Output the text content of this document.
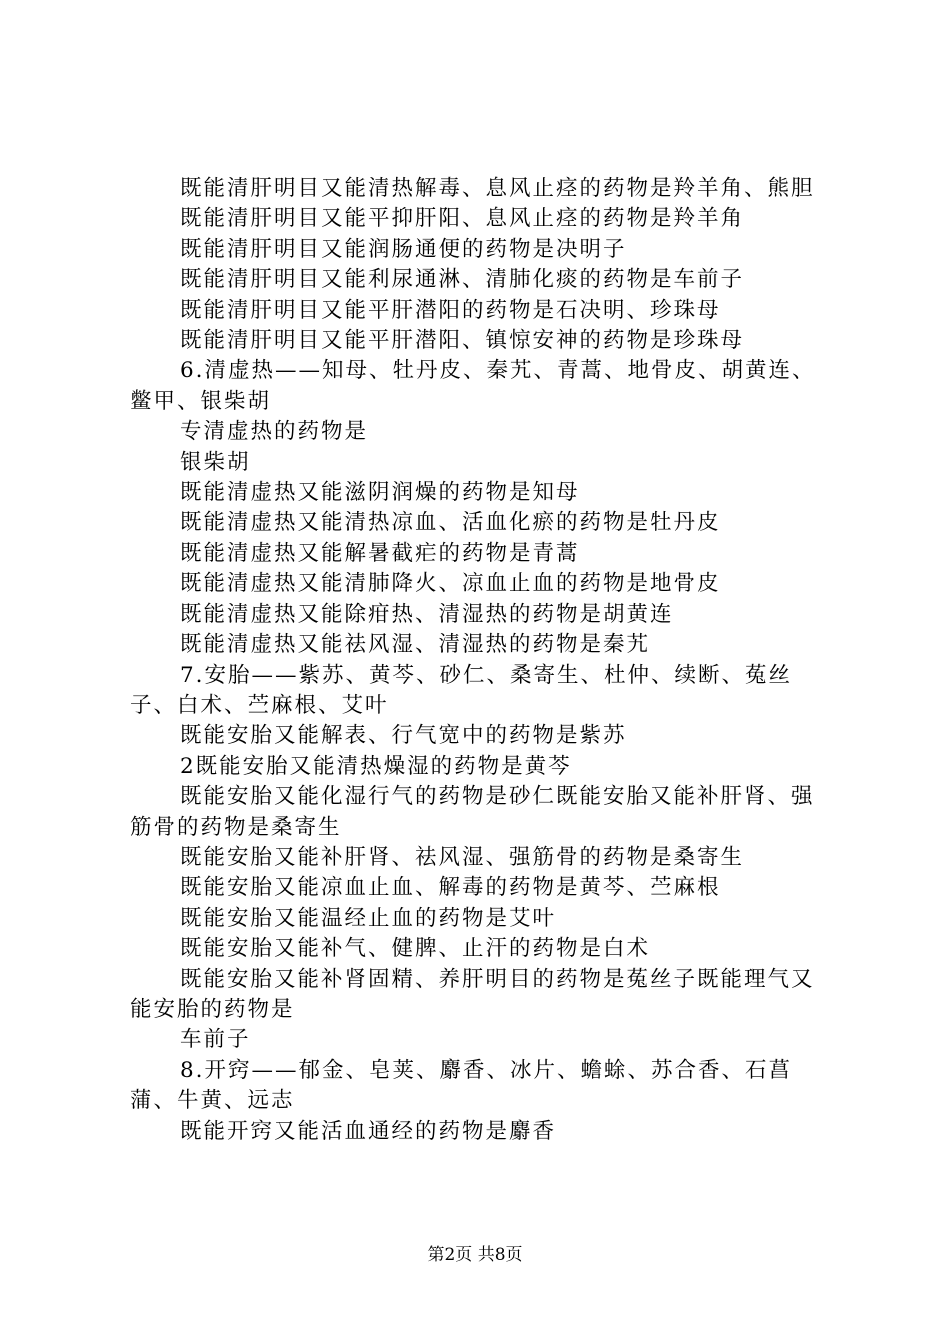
既能清肝明目又能清热解毒、息风止痉的药物是羚羊角、熊胆

既能清肝明目又能平抑肝阳、息风止痉的药物是羚羊角

既能清肝明目又能润肠通便的药物是决明子

既能清肝明目又能利尿通淋、清肺化痰的药物是车前子

既能清肝明目又能平肝潜阳的药物是石决明、珍珠母

既能清肝明目又能平肝潜阳、镇惊安神的药物是珍珠母

6.清虚热——知母、牡丹皮、秦艽、青蒿、地骨皮、胡黄连、鳖甲、银柴胡

专清虚热的药物是

银柴胡

既能清虚热又能滋阴润燥的药物是知母

既能清虚热又能清热凉血、活血化瘀的药物是牡丹皮

既能清虚热又能解暑截疟的药物是青蒿

既能清虚热又能清肺降火、凉血止血的药物是地骨皮

既能清虚热又能除疳热、清湿热的药物是胡黄连

既能清虚热又能祛风湿、清湿热的药物是秦艽

7.安胎——紫苏、黄芩、砂仁、桑寄生、杜仲、续断、菟丝子、白术、苎麻根、艾叶

既能安胎又能解表、行气宽中的药物是紫苏

2既能安胎又能清热燥湿的药物是黄芩

既能安胎又能化湿行气的药物是砂仁既能安胎又能补肝肾、强筋骨的药物是桑寄生

既能安胎又能补肝肾、祛风湿、强筋骨的药物是桑寄生

既能安胎又能凉血止血、解毒的药物是黄芩、苎麻根

既能安胎又能温经止血的药物是艾叶

既能安胎又能补气、健脾、止汗的药物是白术

既能安胎又能补肾固精、养肝明目的药物是菟丝子既能理气又能安胎的药物是

车前子

8.开窍——郁金、皂荚、麝香、冰片、蟾蜍、苏合香、石菖蒲、牛黄、远志

既能开窍又能活血通经的药物是麝香

第2页 共8页
